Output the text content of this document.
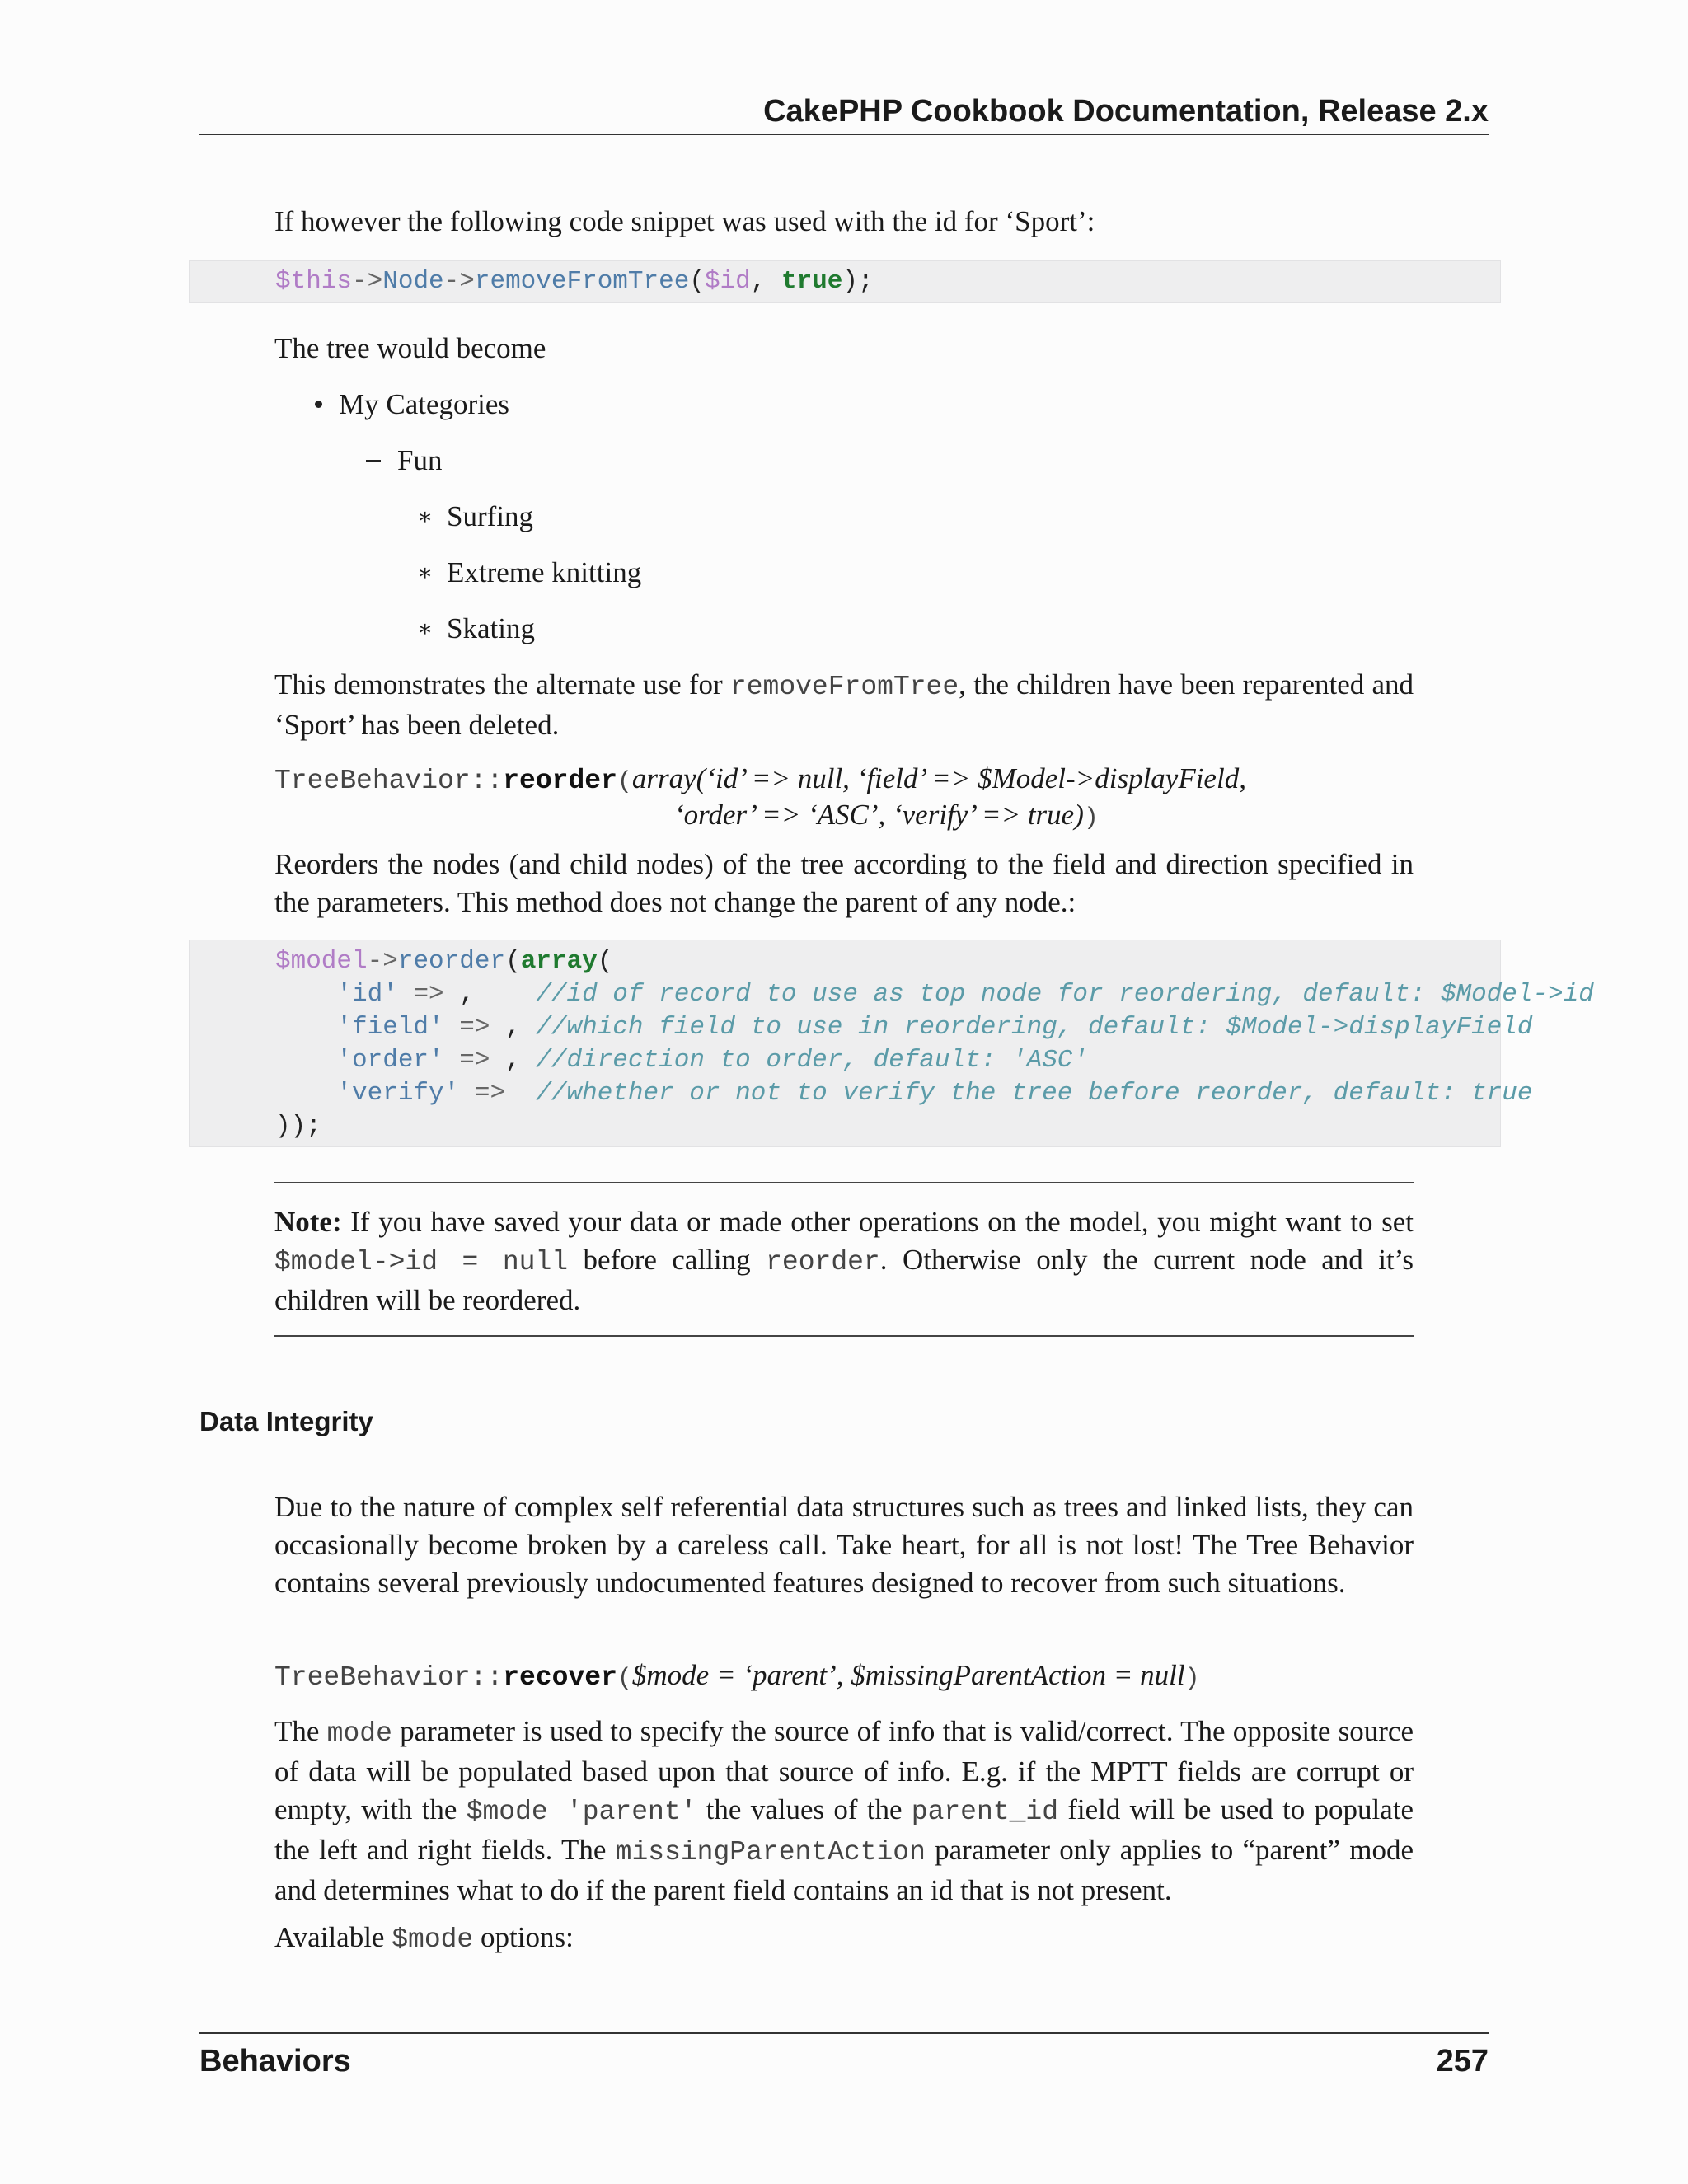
CakePHP Cookbook Documentation, Release 2.x
If however the following code snippet was used with the id for ‘Sport’:
$this->Node->removeFromTree($id, true);
The tree would become
My Categories
Fun
∗ Surfing
∗ Extreme knitting
∗ Skating
This demonstrates the alternate use for removeFromTree, the children have been reparented and ‘Sport’ has been deleted.
TreeBehavior::reorder(array(‘id’ => null, ‘field’ => $Model->displayField,
‘order’ => ‘ASC’, ‘verify’ => true))
Reorders the nodes (and child nodes) of the tree according to the field and direction specified in the parameters. This method does not change the parent of any node.:
$model->reorder(array(
'id' => ,    //id of record to use as top node for reordering, default: $Model->id
'field' => , //which field to use in reordering, default: $Model->displayField
'order' => , //direction to order, default: 'ASC'
'verify' =>  //whether or not to verify the tree before reorder, default: true
));
Note: If you have saved your data or made other operations on the model, you might want to set $model->id = null before calling reorder. Otherwise only the current node and it’s children will be reordered.
Data Integrity
Due to the nature of complex self referential data structures such as trees and linked lists, they can occasionally become broken by a careless call. Take heart, for all is not lost! The Tree Behavior contains several previously undocumented features designed to recover from such situations.
TreeBehavior::recover($mode = ‘parent’, $missingParentAction = null)
The mode parameter is used to specify the source of info that is valid/correct. The opposite source of data will be populated based upon that source of info. E.g. if the MPTT fields are corrupt or empty, with the $mode 'parent' the values of the parent_id field will be used to populate the left and right fields. The missingParentAction parameter only applies to “parent” mode and determines what to do if the parent field contains an id that is not present.
Available $mode options:
Behaviors	257
